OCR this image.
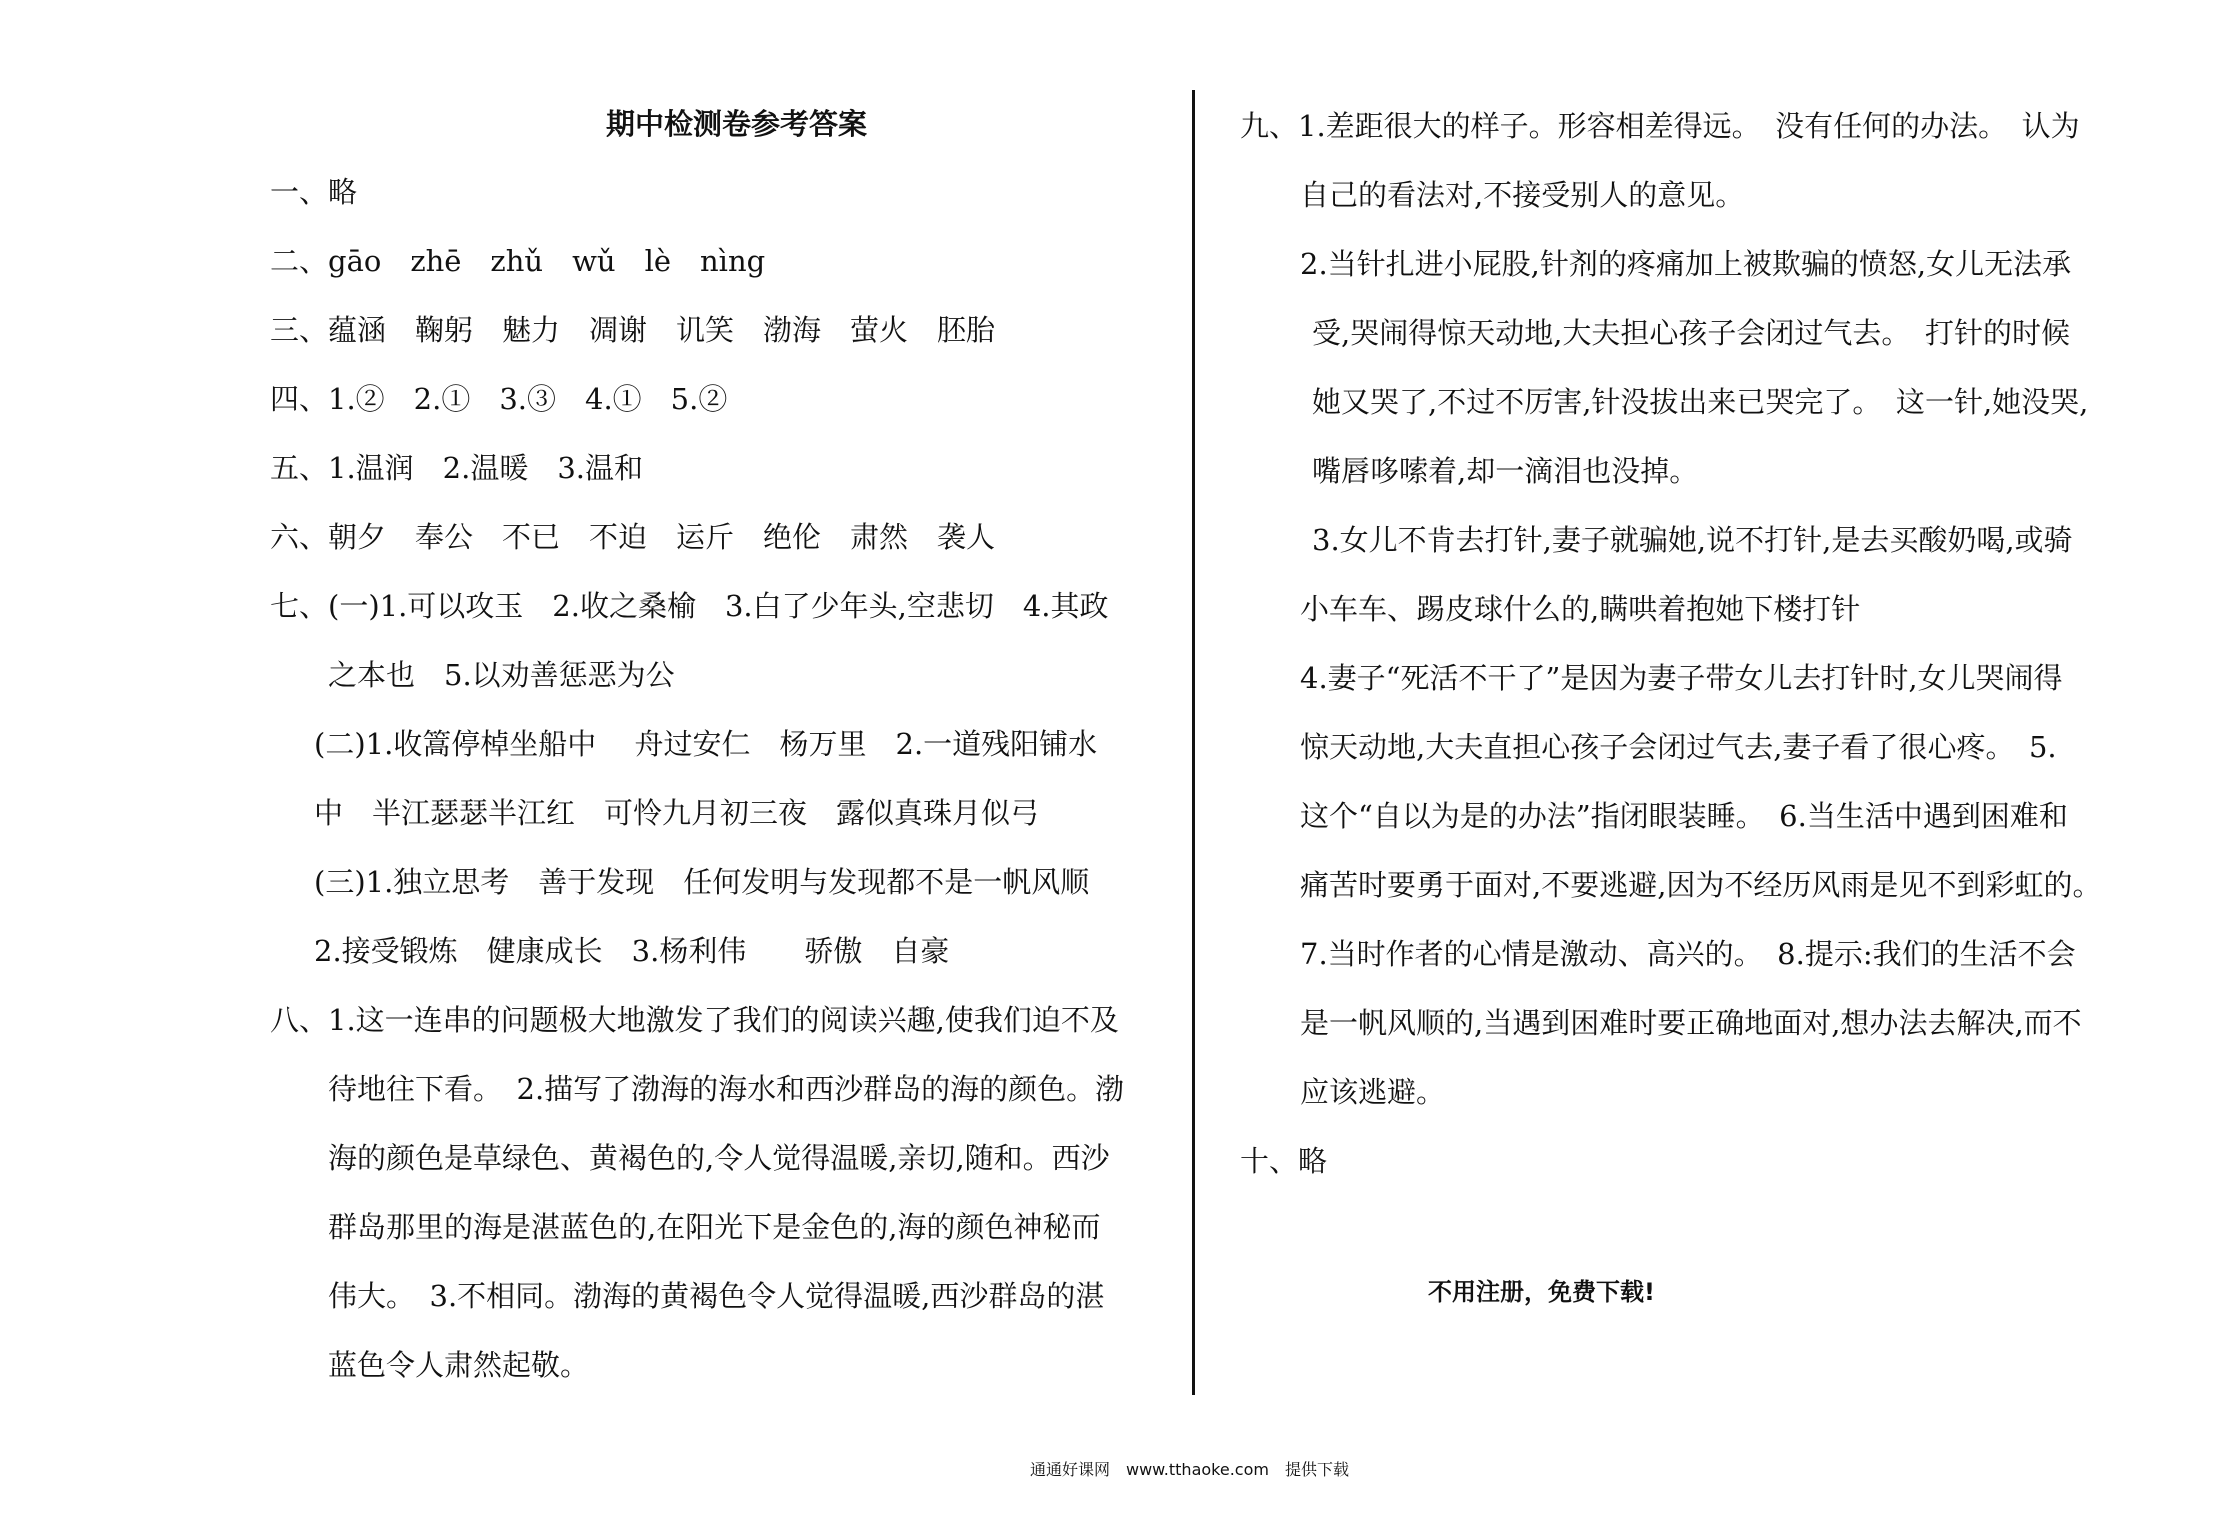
期中检测卷参考答案
一、略
二、gāo　zhē　zhǔ　wǔ　lè　nìng
三、蕴涵　鞠躬　魅力　凋谢　讥笑　渤海　萤火　胚胎
四、1.②　2.①　3.③　4.①　5.②
五、1.温润　2.温暖　3.温和
六、朝夕　奉公　不已　不迫　运斤　绝伦　肃然　袭人
七、(一)1.可以攻玉　2.收之桑榆　3.白了少年头,空悲切　4.其政
之本也　5.以劝善惩恶为公
(二)1.收篙停棹坐船中　 舟过安仁　杨万里　2.一道残阳铺水
中　半江瑟瑟半江红　可怜九月初三夜　露似真珠月似弓
(三)1.独立思考　善于发现　任何发明与发现都不是一帆风顺
2.接受锻炼　健康成长　3.杨利伟　　骄傲　自豪
八、1.这一连串的问题极大地激发了我们的阅读兴趣,使我们迫不及
待地往下看。　2.描写了渤海的海水和西沙群岛的海的颜色。渤
海的颜色是草绿色、黄褐色的,令人觉得温暖,亲切,随和。西沙
群岛那里的海是湛蓝色的,在阳光下是金色的,海的颜色神秘而
伟大。　3.不相同。渤海的黄褐色令人觉得温暖,西沙群岛的湛
蓝色令人肃然起敬。
九、1.差距很大的样子。形容相差得远。　没有任何的办法。　认为
自己的看法对,不接受别人的意见。
2.当针扎进小屁股,针剂的疼痛加上被欺骗的愤怒,女儿无法承
受,哭闹得惊天动地,大夫担心孩子会闭过气去。　打针的时候
她又哭了,不过不厉害,针没拔出来已哭完了。　这一针,她没哭,
嘴唇哆嗦着,却一滴泪也没掉。
3.女儿不肯去打针,妻子就骗她,说不打针,是去买酸奶喝,或骑
小车车、踢皮球什么的,瞒哄着抱她下楼打针
4.妻子“死活不干了”是因为妻子带女儿去打针时,女儿哭闹得
惊天动地,大夫直担心孩子会闭过气去,妻子看了很心疼。　5.
这个“自以为是的办法”指闭眼装睡。　6.当生活中遇到困难和
痛苦时要勇于面对,不要逃避,因为不经历风雨是见不到彩虹的。
7.当时作者的心情是激动、高兴的。　8.提示:我们的生活不会
是一帆风顺的,当遇到困难时要正确地面对,想办法去解决,而不
应该逃避。
十、略
不用注册，免费下载!
通通好课网　www.tthaoke.com　提供下载
